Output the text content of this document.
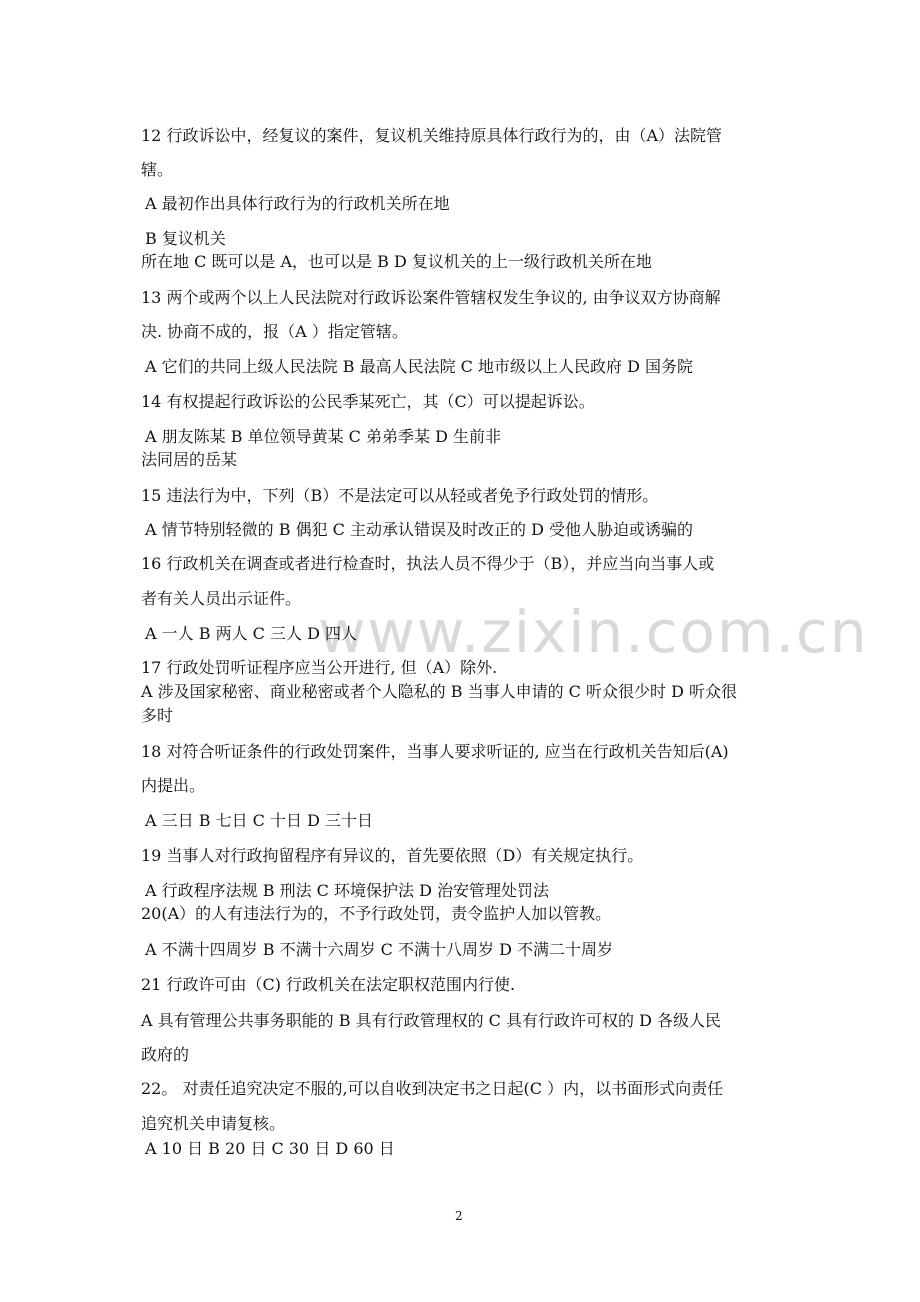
www.zixin.com.cn
12 行政诉讼中，经复议的案件，复议机关维持原具体行政行为的，由（A）法院管
辖。
A 最初作出具体行政行为的行政机关所在地
B 复议机关
所在地 C 既可以是 A，也可以是 B D 复议机关的上一级行政机关所在地
13 两个或两个以上人民法院对行政诉讼案件管辖权发生争议的, 由争议双方协商解
决. 协商不成的，报（A ）指定管辖。
A 它们的共同上级人民法院 B 最高人民法院 C 地市级以上人民政府 D 国务院
14 有权提起行政诉讼的公民季某死亡，其（C）可以提起诉讼。
A 朋友陈某 B 单位领导黄某 C 弟弟季某 D 生前非
法同居的岳某
15 违法行为中，下列（B）不是法定可以从轻或者免予行政处罚的情形。
A 情节特别轻微的 B 偶犯 C 主动承认错误及时改正的 D 受他人胁迫或诱骗的
16 行政机关在调查或者进行检查时，执法人员不得少于（B），并应当向当事人或
者有关人员出示证件。
A 一人 B 两人 C 三人 D 四人
17 行政处罚听证程序应当公开进行, 但（A）除外.
A 涉及国家秘密、商业秘密或者个人隐私的 B 当事人申请的 C 听众很少时 D 听众很
多时
18 对符合听证条件的行政处罚案件，当事人要求听证的, 应当在行政机关告知后(A)
内提出。
A 三日 B 七日 C 十日 D 三十日
19 当事人对行政拘留程序有异议的，首先要依照（D）有关规定执行。
A 行政程序法规 B 刑法 C 环境保护法 D 治安管理处罚法
20(A）的人有违法行为的，不予行政处罚，责令监护人加以管教。
A 不满十四周岁 B 不满十六周岁 C 不满十八周岁 D 不满二十周岁
21 行政许可由（C) 行政机关在法定职权范围内行使.
A 具有管理公共事务职能的 B 具有行政管理权的 C 具有行政许可权的 D 各级人民
政府的
22。 对责任追究决定不服的,可以自收到决定书之日起(C ）内，以书面形式向责任
追究机关申请复核。
A 10 日 B 20 日 C 30 日 D 60 日
2
